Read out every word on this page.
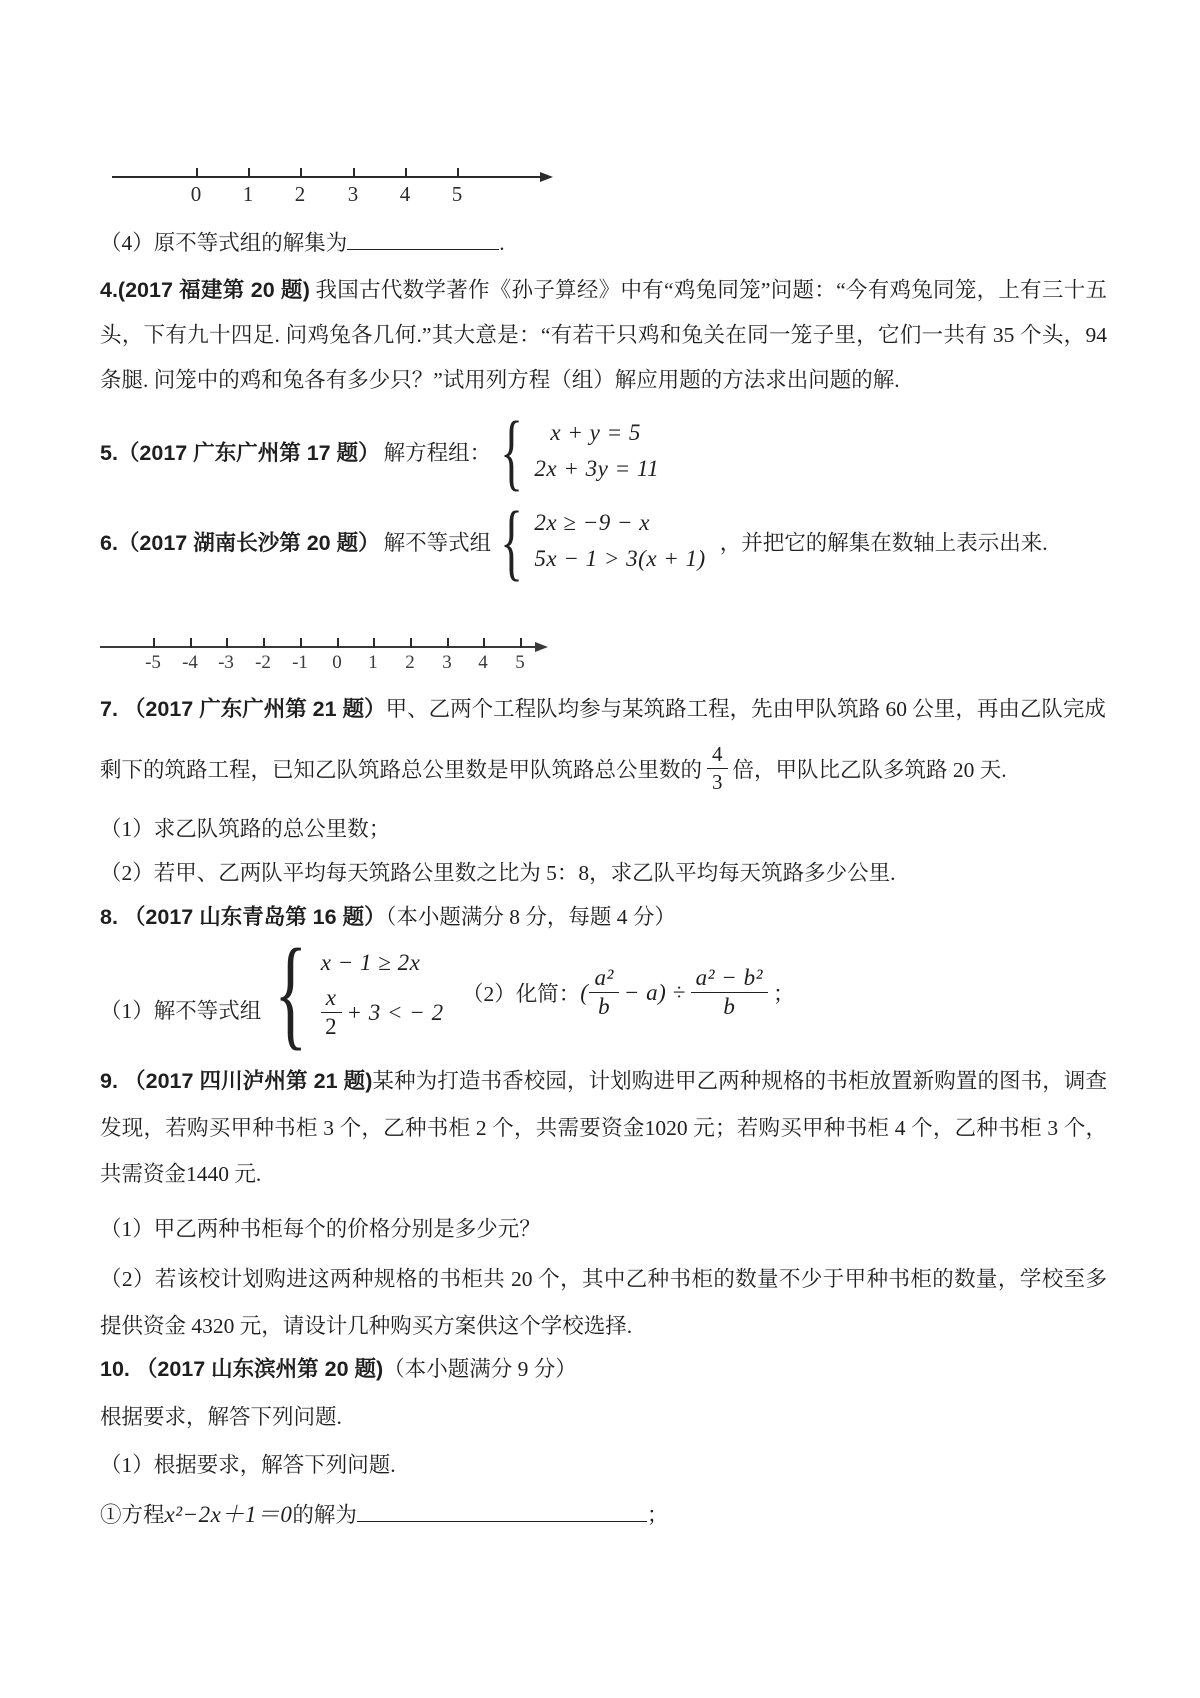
0 1 2 3 4 5
（4）原不等式组的解集为	.
4.(2017 福建第 20 题) 我国古代数学著作《孙子算经》中有“鸡兔同笼”问题：“今有鸡兔同笼，上有三十五头，下有九十四足. 问鸡兔各几何.”其大意是：“有若干只鸡和兔关在同一笼子里，它们一共有 35 个头，94 条腿. 问笼中的鸡和兔各有多少只？”试用列方程（组）解应用题的方法求出问题的解.
5.（2017 广东广州第 17 题） 解方程组： {	x + y = 5
2x + 3y = 11
6.（2017 湖南长沙第 20 题） 解不等式组 { 2x ≥ −9 − x
5x − 1 > 3(x + 1)
，并把它的解集在数轴上表示出来.
-5 -4 -3 -2 -1 0 1 2 3 4 5
7. （2017 广东广州第 21 题）甲、乙两个工程队均参与某筑路工程，先由甲队筑路 60 公里，再由乙队完成
剩下的筑路工程，已知乙队筑路总公里数是甲队筑路总公里数的 $\frac{4}{3}$ 倍，甲队比乙队多筑路 20 天.
（1）求乙队筑路的总公里数；
（2）若甲、乙两队平均每天筑路公里数之比为 5：8，求乙队平均每天筑路多少公里.
8. （2017 山东青岛第 16 题）（本小题满分 8 分，每题 4 分）
（1）解不等式组 { x − 1 ≥ 2x
$\frac{x}{2} + 3$ < − 2
（2）化简： ( $\frac{\text{a²}}{b} - a) \div \frac{\text{a² − b²}}{b}$ ；
9. （2017 四川泸州第 21 题)某种为打造书香校园，计划购进甲乙两种规格的书柜放置新购置的图书，调查发现，若购买甲种书柜 3 个，乙种书柜 2 个，共需要资金1020 元；若购买甲种书柜 4 个，乙种书柜 3 个，共需资金1440 元.
（1）甲乙两种书柜每个的价格分别是多少元？
（2）若该校计划购进这两种规格的书柜共 20 个，其中乙种书柜的数量不少于甲种书柜的数量，学校至多提供资金 4320 元，请设计几种购买方案供这个学校选择.
10. （2017 山东滨州第 20 题)（本小题满分 9 分）
根据要求，解答下列问题.
（1）根据要求，解答下列问题.
①方程 x²−2x＋1＝0 的解为	；
